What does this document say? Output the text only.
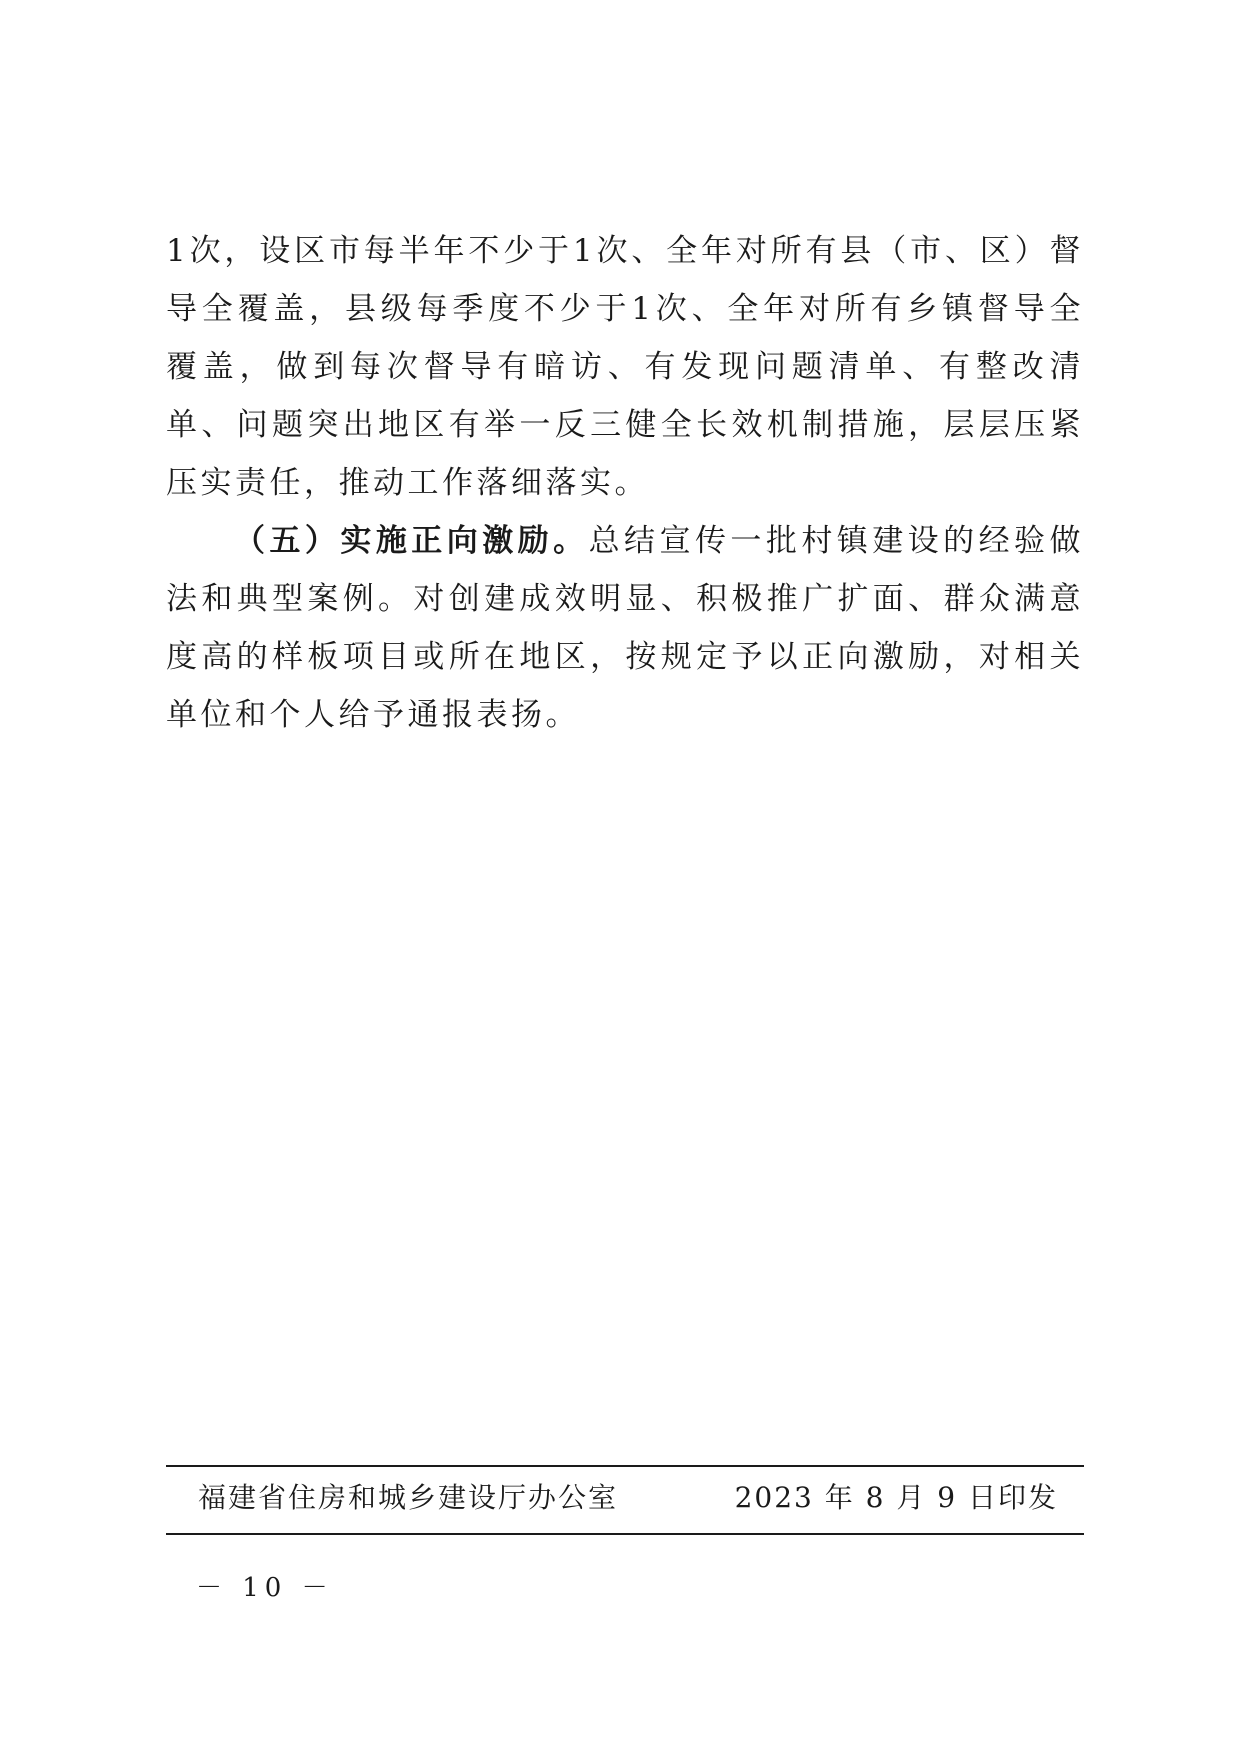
1次，设区市每半年不少于1次、全年对所有县（市、区）督导全覆盖，县级每季度不少于1次、全年对所有乡镇督导全覆盖，做到每次督导有暗访、有发现问题清单、有整改清单、问题突出地区有举一反三健全长效机制措施，层层压紧压实责任，推动工作落细落实。

（五）实施正向激励。总结宣传一批村镇建设的经验做法和典型案例。对创建成效明显、积极推广扩面、群众满意度高的样板项目或所在地区，按规定予以正向激励，对相关单位和个人给予通报表扬。

福建省住房和城乡建设厅办公室	2023 年 8 月 9 日印发
－ 10 －
